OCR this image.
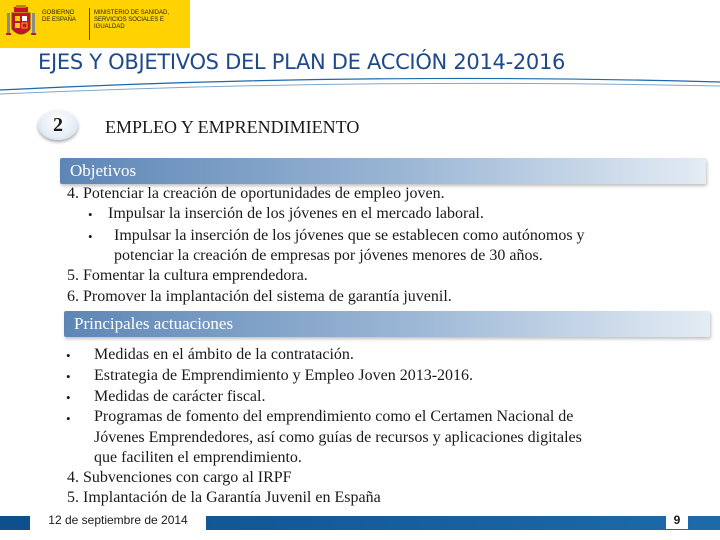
GOBIERNO DE ESPAÑA
MINISTERIO DE SANIDAD, SERVICIOS SOCIALES E IGUALDAD
EJES Y OBJETIVOS DEL PLAN DE ACCIÓN 2014-2016
2	EMPLEO Y EMPRENDIMIENTO
Objetivos
4. Potenciar la creación de oportunidades de empleo joven.
• Impulsar la inserción de los jóvenes en el mercado laboral.
• Impulsar la inserción de los jóvenes que se establecen como autónomos y
potenciar la creación de empresas por jóvenes menores de 30 años.
5. Fomentar la cultura emprendedora.
6. Promover la implantación del sistema de garantía juvenil.
Principales actuaciones
• Medidas en el ámbito de la contratación.
• Estrategia de Emprendimiento y Empleo Joven 2013-2016.
• Medidas de carácter fiscal.
• Programas de fomento del emprendimiento como el Certamen Nacional de
Jóvenes Emprendedores, así como guías de recursos y aplicaciones digitales
que faciliten el emprendimiento.
4. Subvenciones con cargo al IRPF
5. Implantación de la Garantía Juvenil en España
12 de septiembre de 2014	9
